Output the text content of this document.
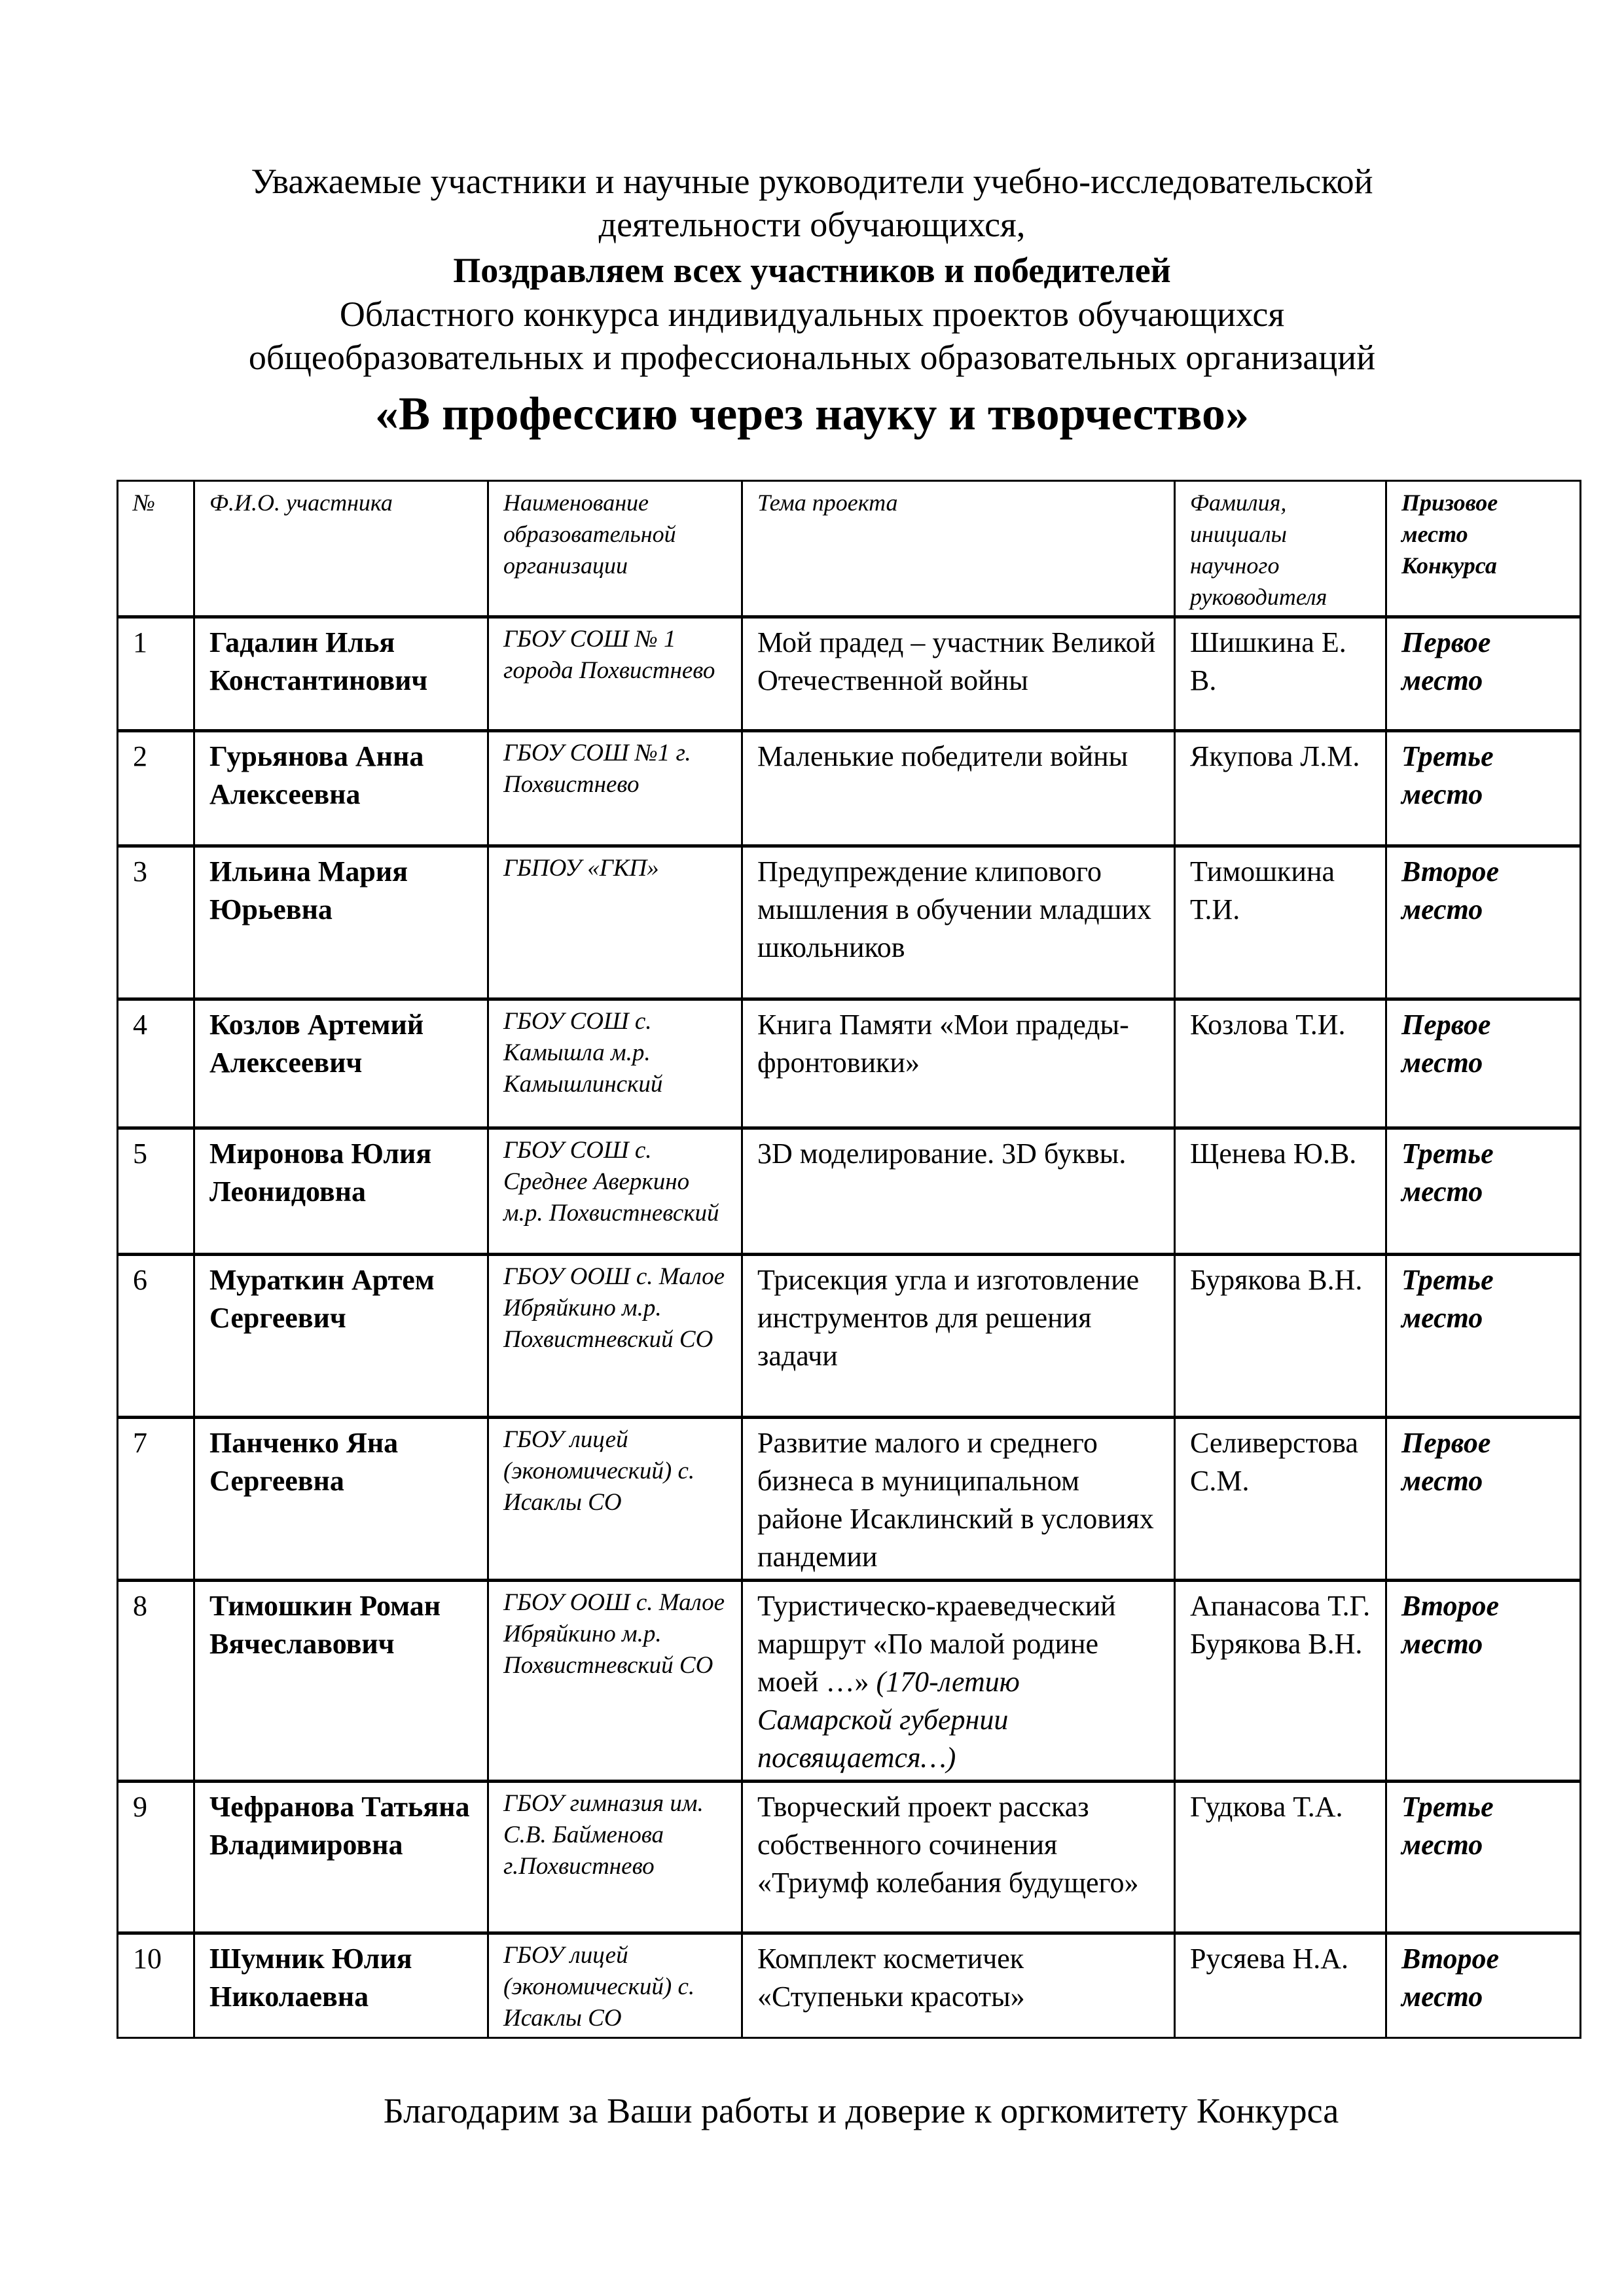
Уважаемые участники и научные руководители учебно-исследовательской
деятельности обучающихся,
Поздравляем всех участников и победителей
Областного конкурса индивидуальных проектов обучающихся
общеобразовательных и профессиональных образовательных организаций
«В профессию через науку и творчество»
№	Ф.И.О. участника	Наименование образовательной организации	Тема проекта	Фамилия, инициалы научного руководителя	Призовое место Конкурса
1	Гадалин Илья Константинович	ГБОУ СОШ № 1 города Похвистнево	Мой прадед – участник Великой Отечественной войны	Шишкина Е. В.	Первое место
2	Гурьянова Анна Алексеевна	ГБОУ СОШ №1 г. Похвистнево	Маленькие победители войны	Якупова Л.М.	Третье место
3	Ильина Мария Юрьевна	ГБПОУ «ГКП»	Предупреждение клипового мышления в обучении младших школьников	Тимошкина Т.И.	Второе место
4	Козлов Артемий Алексеевич	ГБОУ СОШ с. Камышла м.р. Камышлинский	Книга Памяти «Мои прадеды-фронтовики»	Козлова Т.И.	Первое место
5	Миронова Юлия Леонидовна	ГБОУ СОШ с. Среднее Аверкино м.р. Похвистневский	3D моделирование. 3D буквы.	Щенева Ю.В.	Третье место
6	Мураткин Артем Сергеевич	ГБОУ ООШ с. Малое Ибряйкино м.р. Похвистневский СО	Трисекция угла и изготовление инструментов для решения задачи	Бурякова В.Н.	Третье место
7	Панченко Яна Сергеевна	ГБОУ лицей (экономический) с. Исаклы СО	Развитие малого и среднего бизнеса в муниципальном районе Исаклинский в условиях пандемии	Селиверстова С.М.	Первое место
8	Тимошкин Роман Вячеславович	ГБОУ ООШ с. Малое Ибряйкино м.р. Похвистневский СО	Туристическо-краеведческий маршрут «По малой родине моей …» (170-летию Самарской губернии посвящается…)	Апанасова Т.Г. Бурякова В.Н.	Второе место
9	Чефранова Татьяна Владимировна	ГБОУ гимназия им. С.В. Байменова г.Похвистнево	Творческий проект рассказ собственного сочинения «Триумф колебания будущего»	Гудкова Т.А.	Третье место
10	Шумник Юлия Николаевна	ГБОУ лицей (экономический) с. Исаклы СО	Комплект косметичек «Ступеньки красоты»	Русяева Н.А.	Второе место
Благодарим за Ваши работы и доверие к оргкомитету Конкурса
